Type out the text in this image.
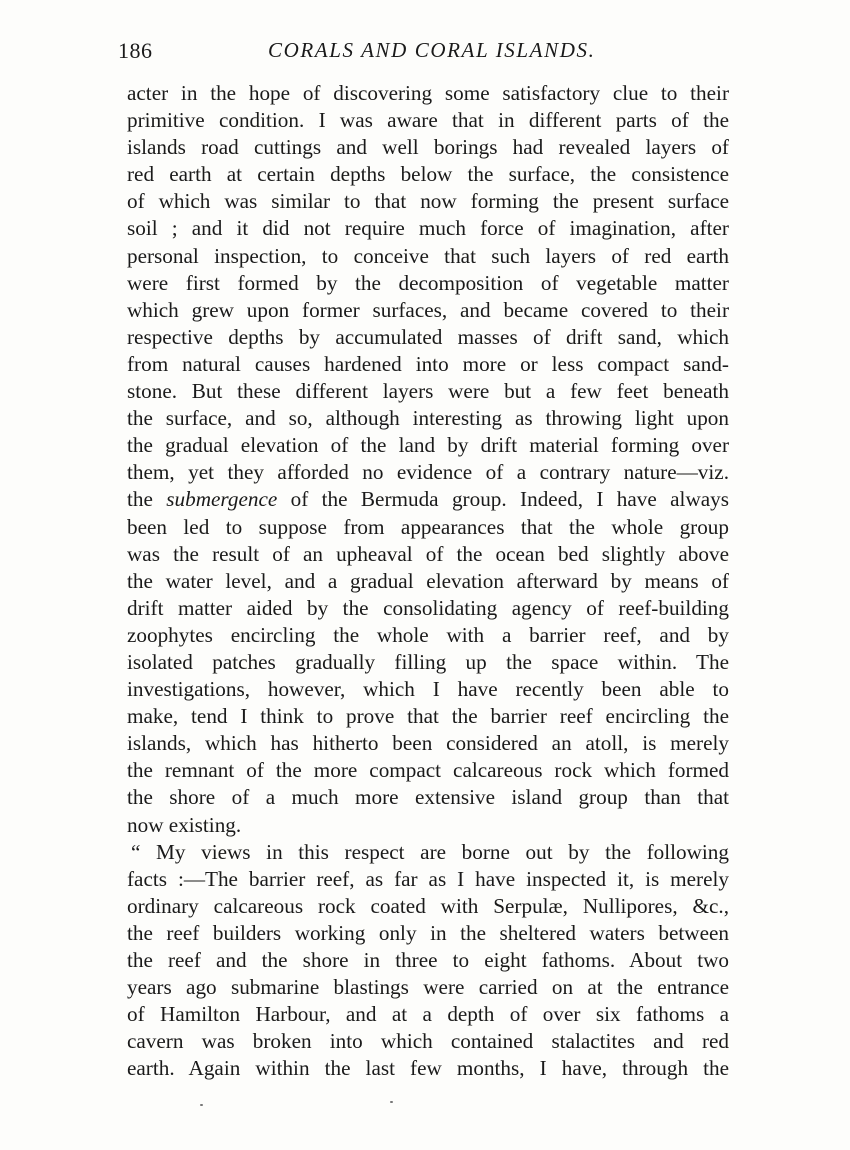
186	CORALS AND CORAL ISLANDS.
acter in the hope of discovering some satisfactory clue to their
primitive condition. I was aware that in different parts of the
islands road cuttings and well borings had revealed layers of
red earth at certain depths below the surface, the consistence
of which was similar to that now forming the present surface
soil ; and it did not require much force of imagination, after
personal inspection, to conceive that such layers of red earth
were first formed by the decomposition of vegetable matter
which grew upon former surfaces, and became covered to their
respective depths by accumulated masses of drift sand, which
from natural causes hardened into more or less compact sand-
stone. But these different layers were but a few feet beneath
the surface, and so, although interesting as throwing light upon
the gradual elevation of the land by drift material forming over
them, yet they afforded no evidence of a contrary nature—viz.
the submergence of the Bermuda group. Indeed, I have always
been led to suppose from appearances that the whole group
was the result of an upheaval of the ocean bed slightly above
the water level, and a gradual elevation afterward by means of
drift matter aided by the consolidating agency of reef-building
zoophytes encircling the whole with a barrier reef, and by
isolated patches gradually filling up the space within. The
investigations, however, which I have recently been able to
make, tend I think to prove that the barrier reef encircling the
islands, which has hitherto been considered an atoll, is merely
the remnant of the more compact calcareous rock which formed
the shore of a much more extensive island group than that
now existing.
“ My views in this respect are borne out by the following
facts :—The barrier reef, as far as I have inspected it, is merely
ordinary calcareous rock coated with Serpulæ, Nullipores, &c.,
the reef builders working only in the sheltered waters between
the reef and the shore in three to eight fathoms. About two
years ago submarine blastings were carried on at the entrance
of Hamilton Harbour, and at a depth of over six fathoms a
cavern was broken into which contained stalactites and red
earth. Again within the last few months, I have, through the
